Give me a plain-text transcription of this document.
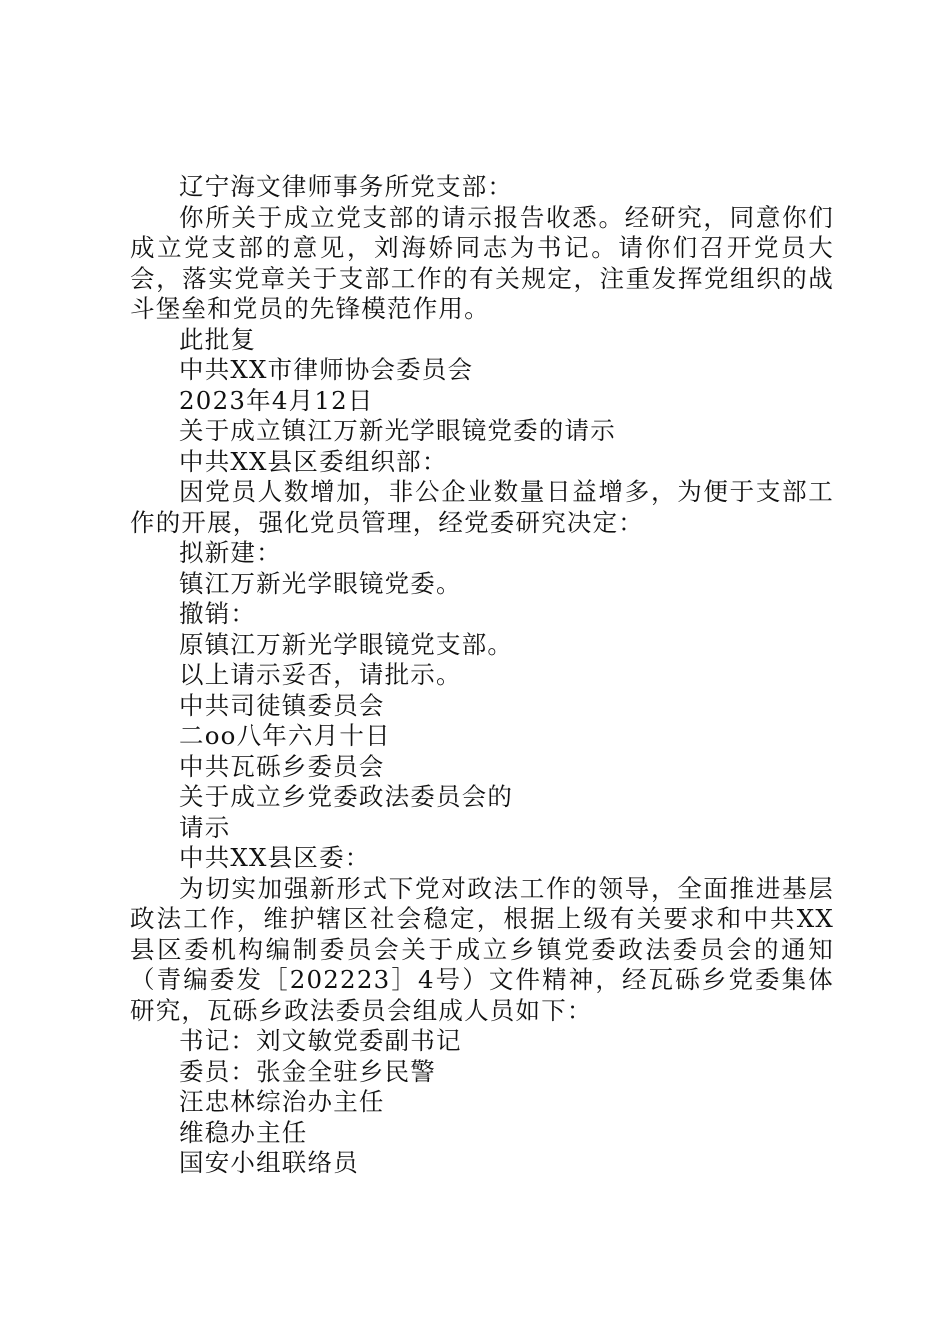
辽宁海文律师事务所党支部：

你所关于成立党支部的请示报告收悉。经研究，同意你们成立党支部的意见，刘海娇同志为书记。请你们召开党员大会，落实党章关于支部工作的有关规定，注重发挥党组织的战斗堡垒和党员的先锋模范作用。

此批复

中共XX市律师协会委员会

2023年4月12日

关于成立镇江万新光学眼镜党委的请示

中共XX县区委组织部：

因党员人数增加，非公企业数量日益增多，为便于支部工作的开展，强化党员管理，经党委研究决定：

拟新建：

镇江万新光学眼镜党委。

撤销：

原镇江万新光学眼镜党支部。

以上请示妥否，请批示。

中共司徒镇委员会

二oo八年六月十日

中共瓦砾乡委员会

关于成立乡党委政法委员会的

请示

中共XX县区委：

为切实加强新形式下党对政法工作的领导，全面推进基层政法工作，维护辖区社会稳定，根据上级有关要求和中共XX县区委机构编制委员会关于成立乡镇党委政法委员会的通知（青编委发［202223］4号）文件精神，经瓦砾乡党委集体研究，瓦砾乡政法委员会组成人员如下：

书记：刘文敏党委副书记

委员：张金全驻乡民警

汪忠林综治办主任

维稳办主任

国安小组联络员
